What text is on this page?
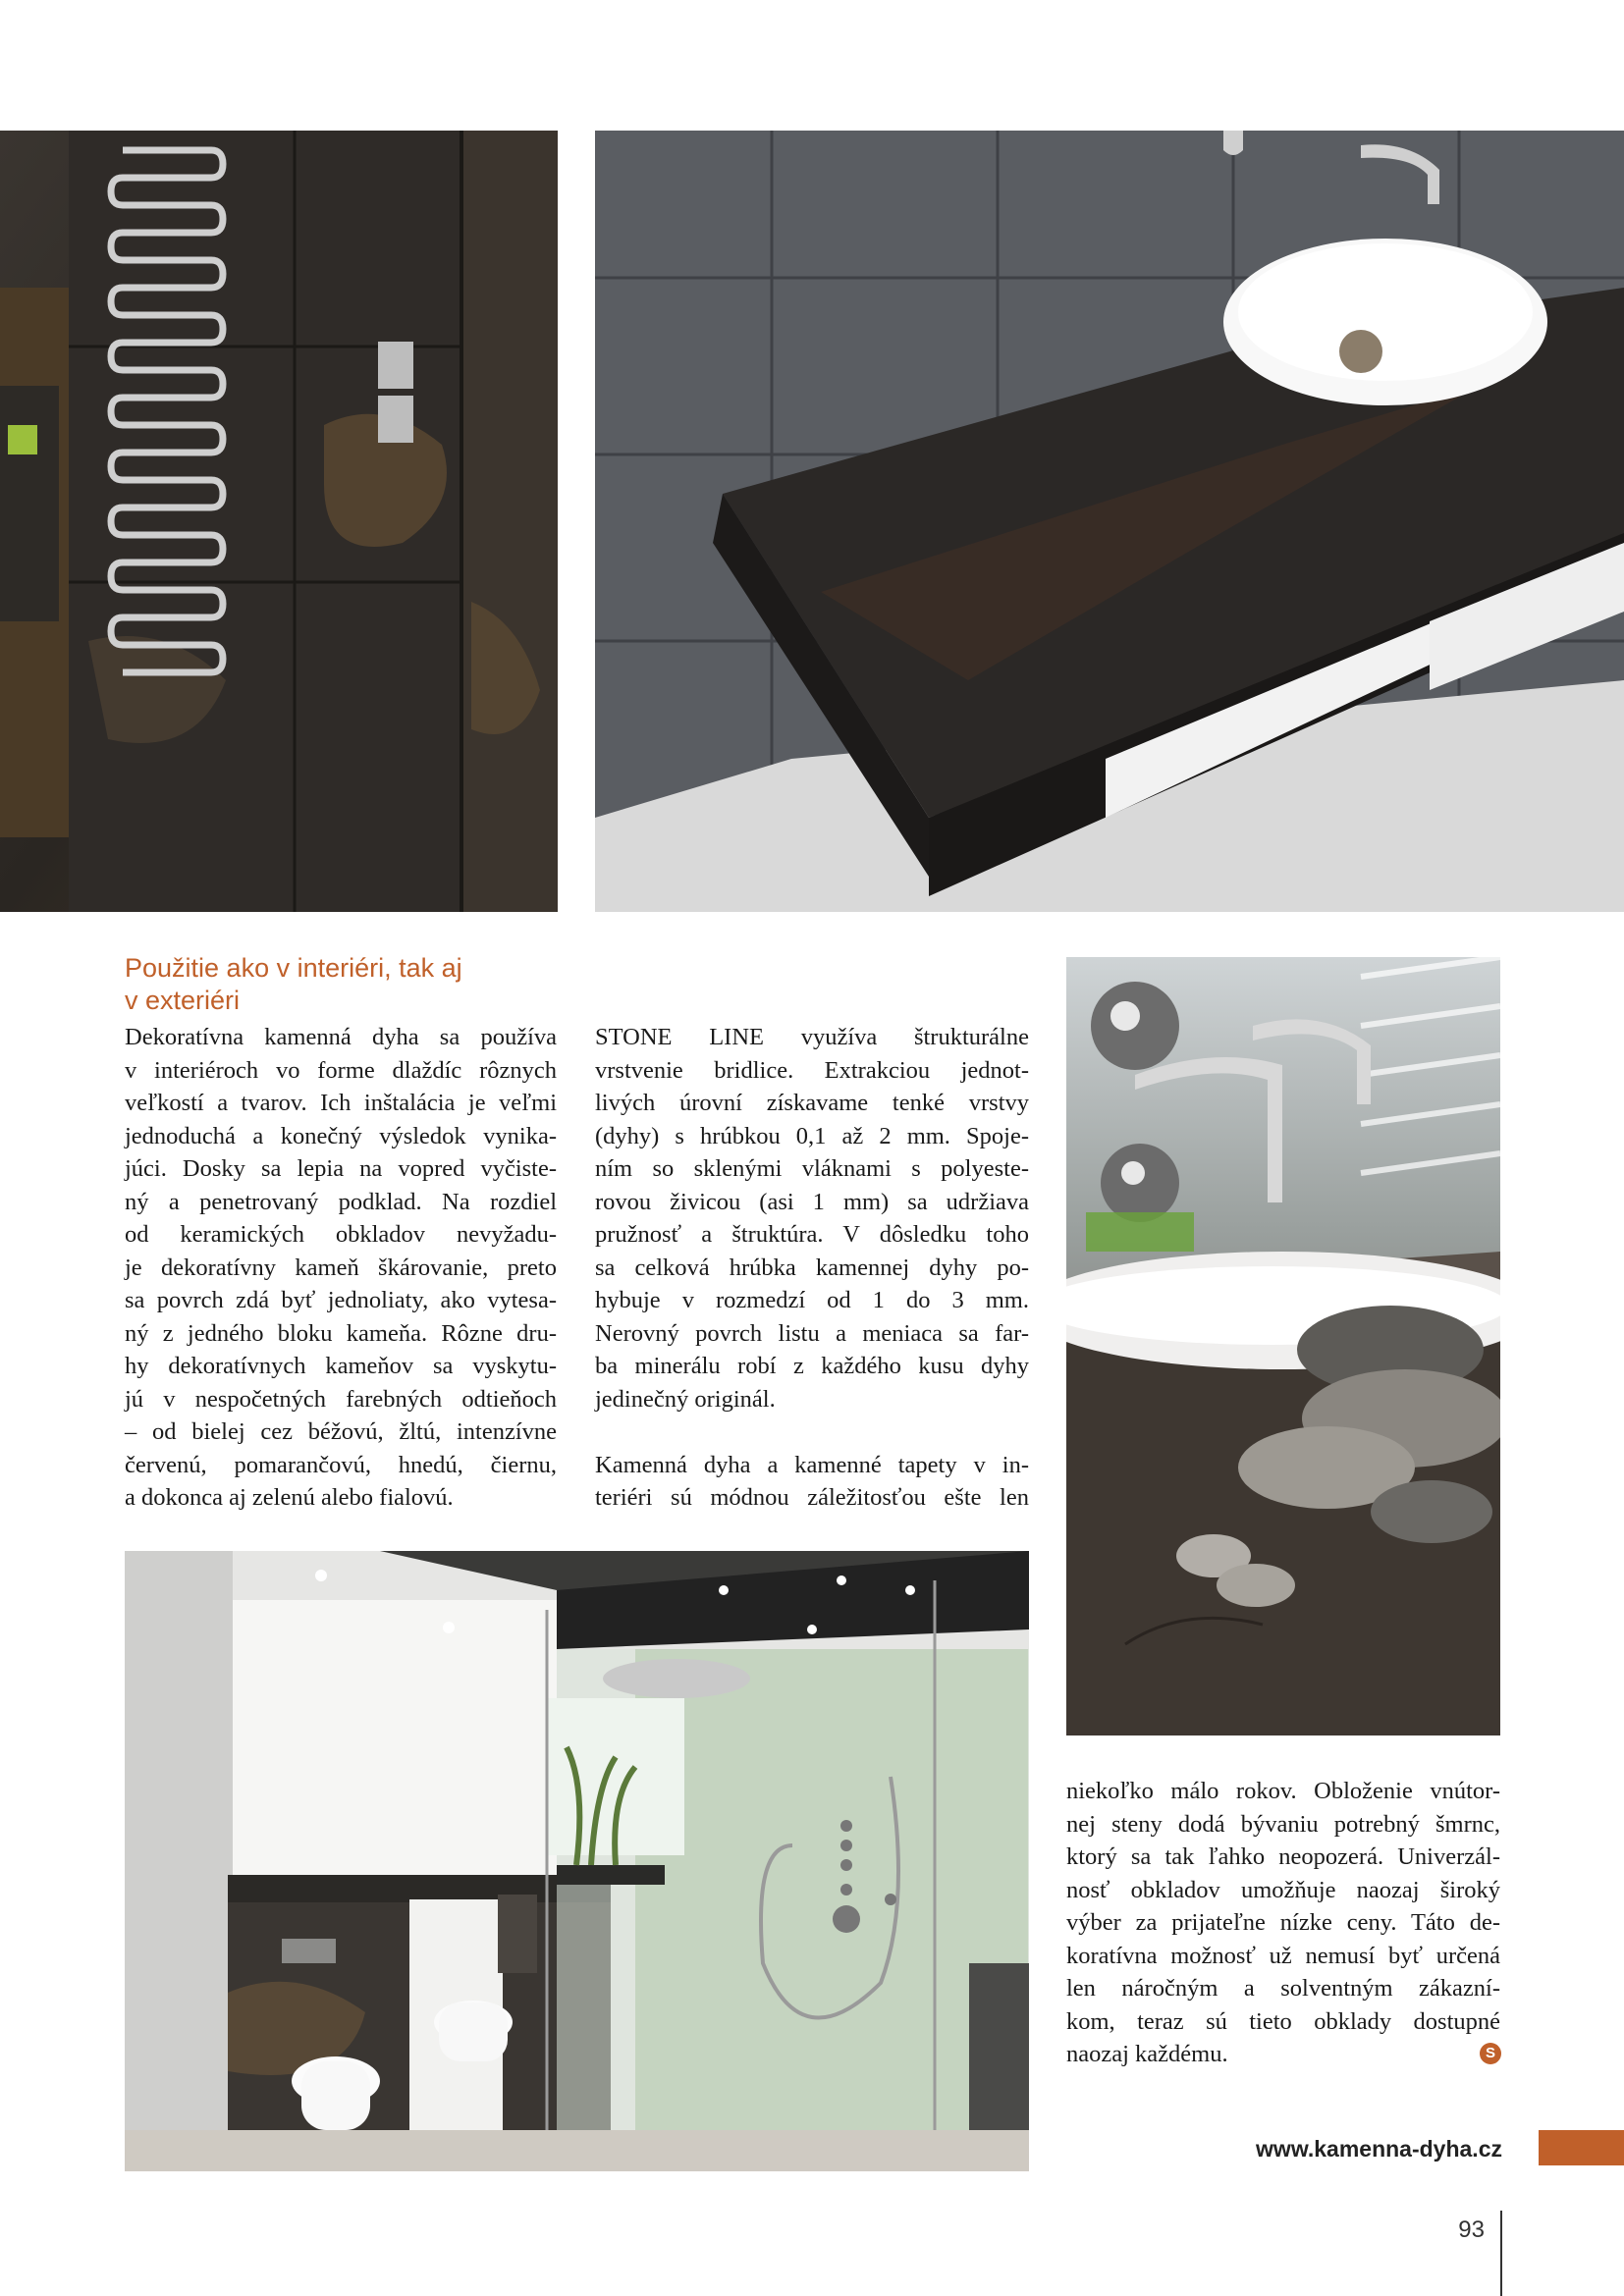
Použitie ako v interiéri, tak aj
v exteriéri
Dekoratívna kamenná dyha sa používa
v interiéroch vo forme dlaždíc rôznych
veľkostí a tvarov. Ich inštalácia je veľmi
jednoduchá a konečný výsledok vynika-
júci. Dosky sa lepia na vopred vyčiste-
ný a penetrovaný podklad. Na rozdiel
od keramických obkladov nevyžadu-
je dekoratívny kameň škárovanie, preto
sa povrch zdá byť jednoliaty, ako vytesa-
ný z jedného bloku kameňa. Rôzne dru-
hy dekoratívnych kameňov sa vyskytu-
jú v nespočetných farebných odtieňoch
– od bielej cez béžovú, žltú, intenzívne
červenú, pomarančovú, hnedú, čiernu,
a dokonca aj zelenú alebo fialovú.
STONE LINE využíva štrukturálne
vrstvenie bridlice. Extrakciou jednot-
livých úrovní získavame tenké vrstvy
(dyhy) s hrúbkou 0,1 až 2 mm. Spoje-
ním so sklenými vláknami s polyeste-
rovou živicou (asi 1 mm) sa udržiava
pružnosť a štruktúra. V dôsledku toho
sa celková hrúbka kamennej dyhy po-
hybuje v rozmedzí od 1 do 3 mm.
Nerovný povrch listu a meniaca sa far-
ba minerálu robí z každého kusu dyhy
jedinečný originál.
Kamenná dyha a kamenné tapety v in-
teriéri sú módnou záležitosťou ešte len
niekoľko málo rokov. Obloženie vnútor-
nej steny dodá bývaniu potrebný šmrnc,
ktorý sa tak ľahko neopozerá. Univerzál-
nosť obkladov umožňuje naozaj široký
výber za prijateľne nízke ceny. Táto de-
koratívna možnosť už nemusí byť určená
len náročným a solventným zákazní-
kom, teraz sú tieto obklady dostupné
naozaj každému.	S
www.kamenna-dyha.cz
93
